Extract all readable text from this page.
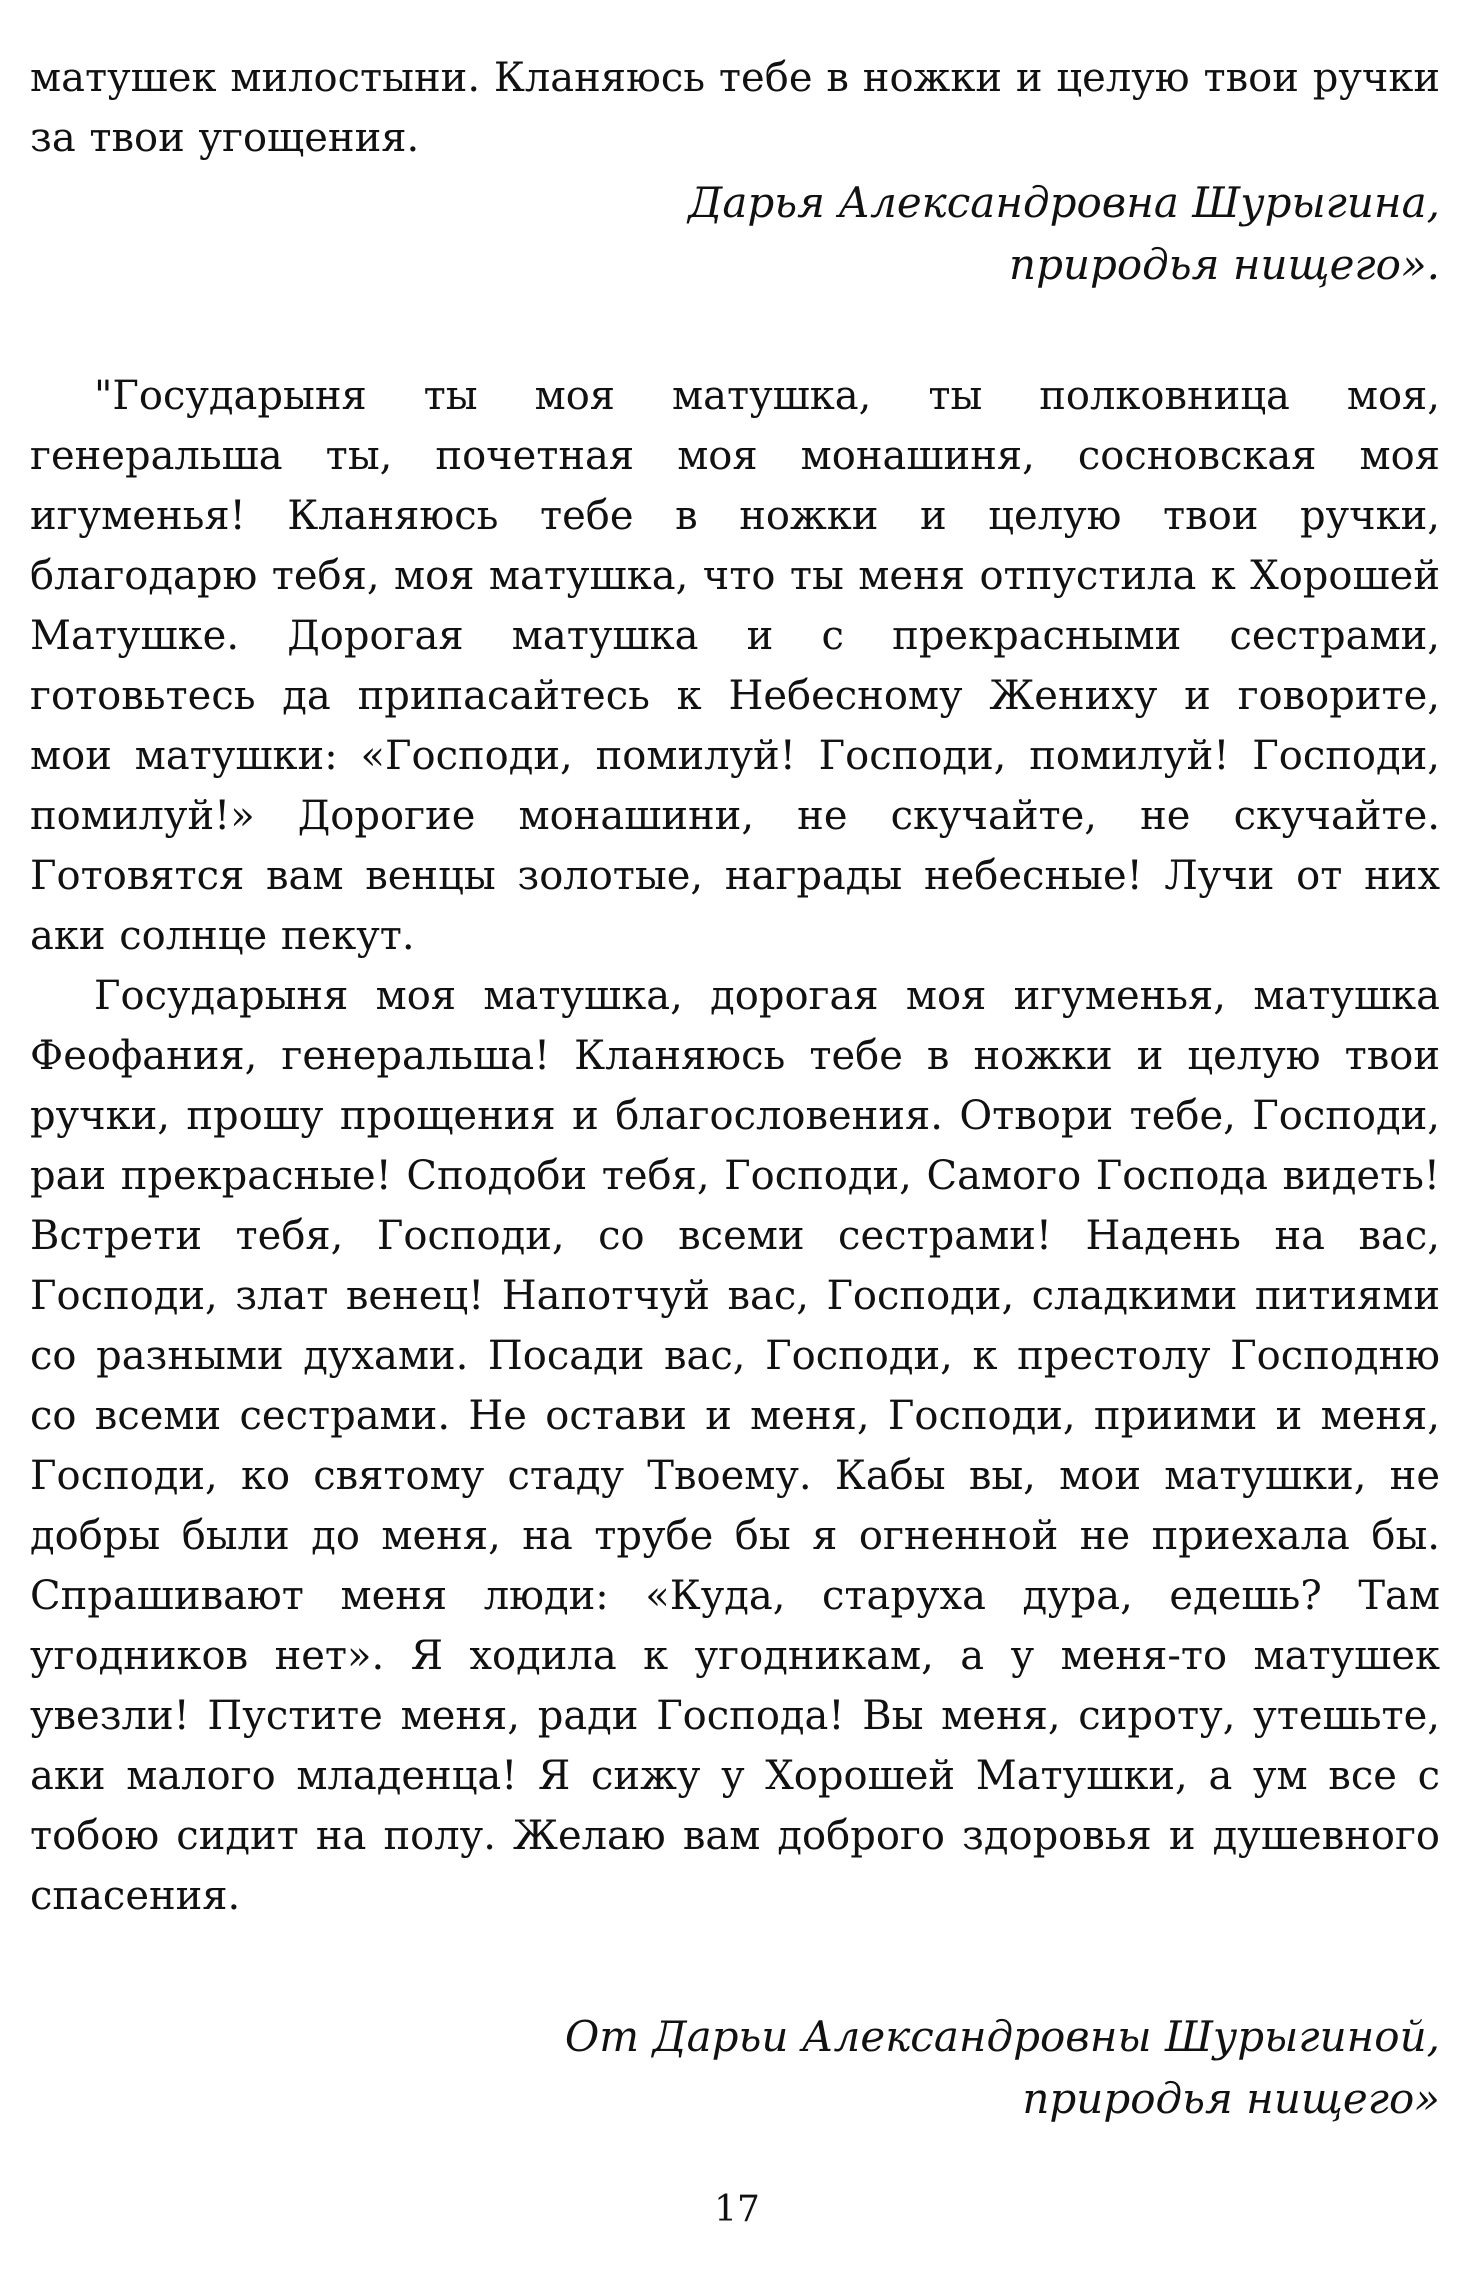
матушек милостыни. Кланяюсь тебе в ножки и целую твои ручки за твои угощения.

Дарья Александровна Шурыгина,
природья нищего».

"Государыня ты моя матушка, ты полковница моя, генеральша ты, почетная моя монашиня, сосновская моя игуменья! Кланяюсь тебе в ножки и целую твои ручки, благодарю тебя, моя матушка, что ты меня отпустила к Хорошей Матушке. Дорогая матушка и с прекрасными сестрами, готовьтесь да припасайтесь к Небесному Жениху и говорите, мои матушки: «Господи, помилуй! Господи, помилуй! Господи, помилуй!» Дорогие монашини, не скучайте, не скучайте. Готовятся вам венцы золотые, награды небесные! Лучи от них аки солнце пекут.

Государыня моя матушка, дорогая моя игуменья, матушка Феофания, генеральша! Кланяюсь тебе в ножки и целую твои ручки, прошу прощения и благословения. Отвори тебе, Господи, раи прекрасные! Сподоби тебя, Господи, Самого Господа видеть! Встрети тебя, Господи, со всеми сестрами! Надень на вас, Господи, злат венец! Напотчуй вас, Господи, сладкими питиями со разными духами. Посади вас, Господи, к престолу Господню со всеми сестрами. Не остави и меня, Господи, приими и меня, Господи, ко святому стаду Твоему. Кабы вы, мои матушки, не добры были до меня, на трубе бы я огненной не приехала бы. Спрашивают меня люди: «Куда, старуха дура, едешь? Там угодников нет». Я ходила к угодникам, а у меня-то матушек увезли! Пустите меня, ради Господа! Вы меня, сироту, утешьте, аки малого младенца! Я сижу у Хорошей Матушки, а ум все с тобою сидит на полу. Желаю вам доброго здоровья и душевного спасения.

От Дарьи Александровны Шурыгиной,
природья нищего»

17
